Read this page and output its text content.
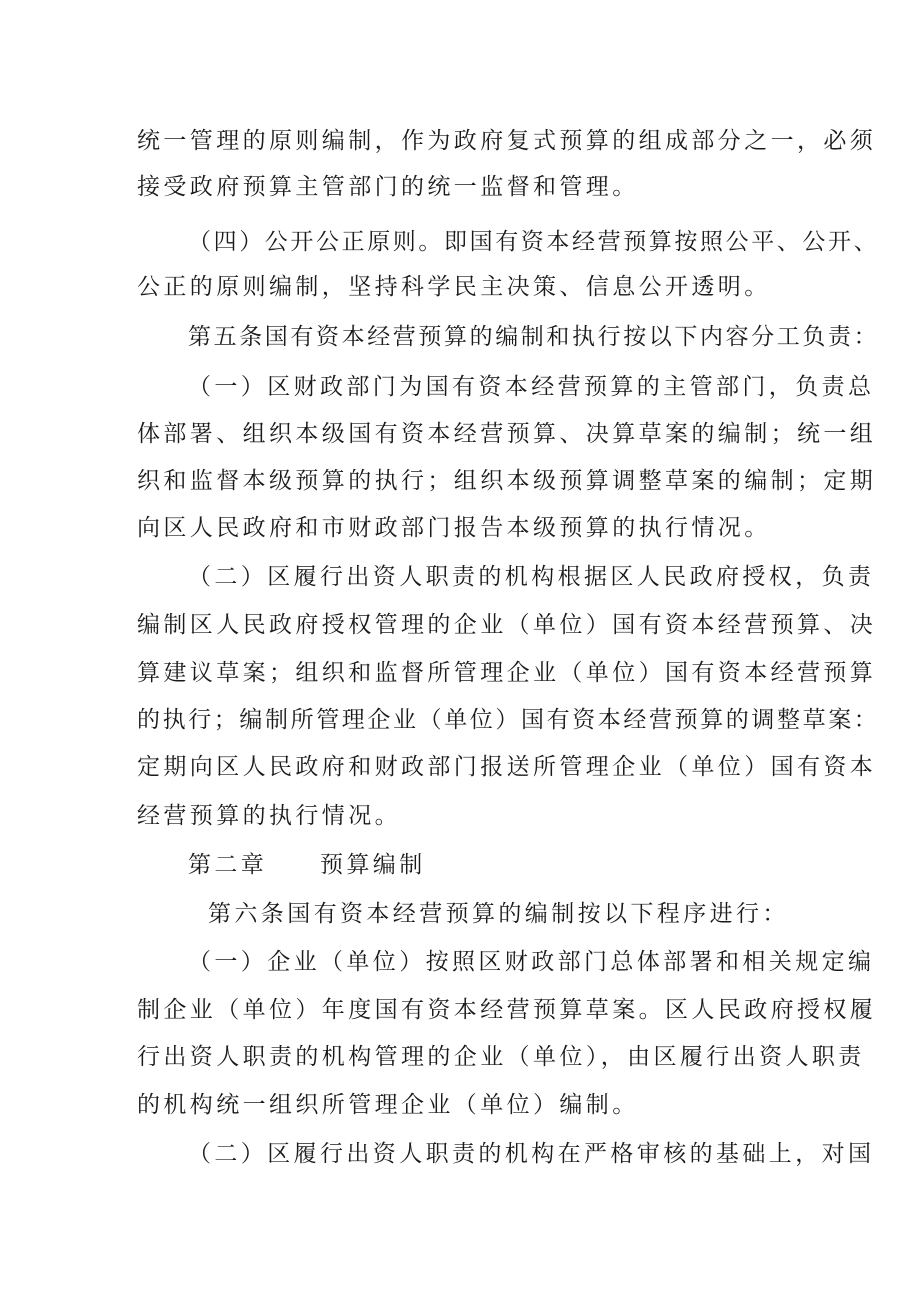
统一管理的原则编制，作为政府复式预算的组成部分之一，必须
接受政府预算主管部门的统一监督和管理。
（四）公开公正原则。即国有资本经营预算按照公平、公开、
公正的原则编制，坚持科学民主决策、信息公开透明。
第五条国有资本经营预算的编制和执行按以下内容分工负责：
（一）区财政部门为国有资本经营预算的主管部门，负责总
体部署、组织本级国有资本经营预算、决算草案的编制；统一组
织和监督本级预算的执行；组织本级预算调整草案的编制；定期
向区人民政府和市财政部门报告本级预算的执行情况。
（二）区履行出资人职责的机构根据区人民政府授权，负责
编制区人民政府授权管理的企业（单位）国有资本经营预算、决
算建议草案；组织和监督所管理企业（单位）国有资本经营预算
的执行；编制所管理企业（单位）国有资本经营预算的调整草案：
定期向区人民政府和财政部门报送所管理企业（单位）国有资本
经营预算的执行情况。
第二章　　预算编制
第六条国有资本经营预算的编制按以下程序进行：
（一）企业（单位）按照区财政部门总体部署和相关规定编
制企业（单位）年度国有资本经营预算草案。区人民政府授权履
行出资人职责的机构管理的企业（单位），由区履行出资人职责
的机构统一组织所管理企业（单位）编制。
（二）区履行出资人职责的机构在严格审核的基础上，对国
